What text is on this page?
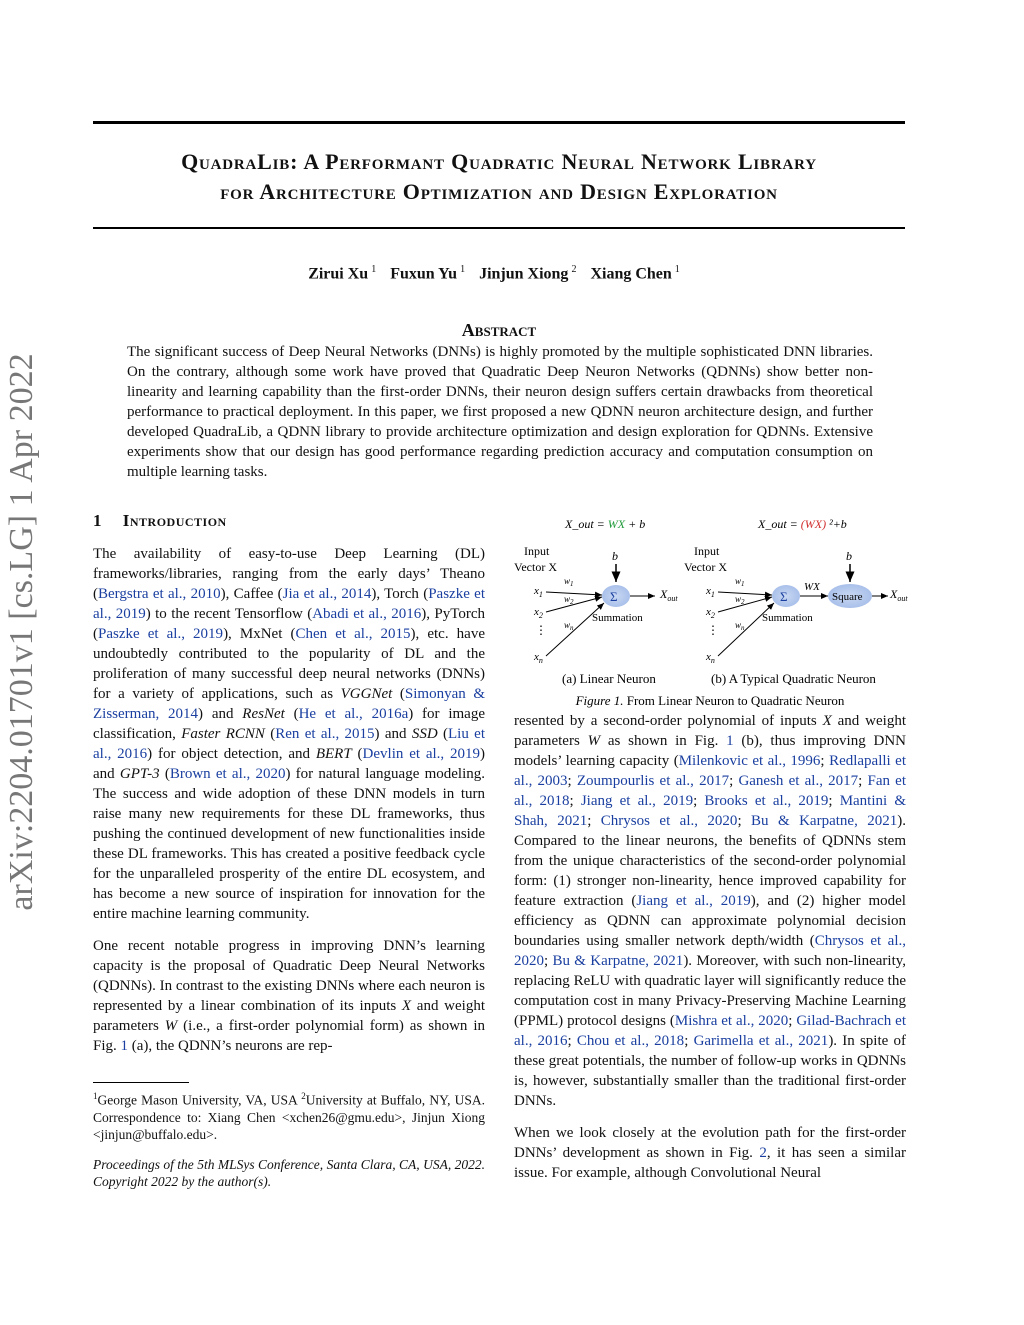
arXiv:2204.01701v1 [cs.LG] 1 Apr 2022
QuadraLib: A Performant Quadratic Neural Network Library
for Architecture Optimization and Design Exploration
Zirui Xu $^1$ Fuxun Yu $^1$ Jinjun Xiong $^2$ Xiang Chen $^1$
Abstract
The significant success of Deep Neural Networks (DNNs) is highly promoted by the multiple sophisticated DNN libraries. On the contrary, although some work have proved that Quadratic Deep Neuron Networks (QDNNs) show better non-linearity and learning capability than the first-order DNNs, their neuron design suffers certain drawbacks from theoretical performance to practical deployment. In this paper, we first proposed a new QDNN neuron architecture design, and further developed QuadraLib, a QDNN library to provide architecture optimization and design exploration for QDNNs. Extensive experiments show that our design has good performance regarding prediction accuracy and computation consumption on multiple learning tasks.
1 Introduction

The availability of easy-to-use Deep Learning (DL) frameworks/libraries, ranging from the early days’ Theano (Bergstra et al., 2010), Caffee (Jia et al., 2014), Torch (Paszke et al., 2019) to the recent Tensorflow (Abadi et al., 2016), PyTorch (Paszke et al., 2019), MxNet (Chen et al., 2015), etc. have undoubtedly contributed to the popularity of DL and the proliferation of many successful deep neural networks (DNNs) for a variety of applications, such as VGGNet (Simonyan & Zisserman, 2014) and ResNet (He et al., 2016a) for image classification, Faster RCNN (Ren et al., 2015) and SSD (Liu et al., 2016) for object detection, and BERT (Devlin et al., 2019) and GPT-3 (Brown et al., 2020) for natural language modeling. The success and wide adoption of these DNN models in turn raise many new requirements for these DL frameworks, thus pushing the continued development of new functionalities inside these DL frameworks. This has created a positive feedback cycle for the unparalleled prosperity of the entire DL ecosystem, and has become a new source of inspiration for innovation for the entire machine learning community.

One recent notable progress in improving DNN’s learning capacity is the proposal of Quadratic Deep Neural Networks (QDNNs). In contrast to the existing DNNs where each neuron is represented by a linear combination of its inputs X and weight parameters W (i.e., a first-order polynomial form) as shown in Fig. 1 (a), the QDNN’s neurons are rep-

$^1$George Mason University, VA, USA $^2$University at Buffalo, NY, USA. Correspondence to: Xiang Chen <xchen26@gmu.edu>, Jinjun Xiong <jinjun@buffalo.edu>.
Proceedings of the 5th MLSys Conference, Santa Clara, CA, USA, 2022. Copyright 2022 by the author(s).
X_out = WX + b	X_out = (WX) ²+b
Input
Vector X
$x_1$
$x_2$
⋮
$x_n$
$w_1$
$w_2$
$w_n$
Σ
Summation
b
$X_{out}$
Input
Vector X
$x_1$
$x_2$
⋮
$x_n$
$w_1$
$w_2$
$w_n$
Σ
Summation
WX
Square
b
$X_{out}$
(a) Linear Neuron	(b) A Typical Quadratic Neuron
Figure 1. From Linear Neuron to Quadratic Neuron

resented by a second-order polynomial of inputs X and weight parameters W as shown in Fig. 1 (b), thus improving DNN models’ learning capacity (Milenkovic et al., 1996; Redlapalli et al., 2003; Zoumpourlis et al., 2017; Ganesh et al., 2017; Fan et al., 2018; Jiang et al., 2019; Brooks et al., 2019; Mantini & Shah, 2021; Chrysos et al., 2020; Bu & Karpatne, 2021). Compared to the linear neurons, the benefits of QDNNs stem from the unique characteristics of the second-order polynomial form: (1) stronger non-linearity, hence improved capability for feature extraction (Jiang et al., 2019), and (2) higher model efficiency as QDNN can approximate polynomial decision boundaries using smaller network depth/width (Chrysos et al., 2020; Bu & Karpatne, 2021). Moreover, with such non-linearity, replacing ReLU with quadratic layer will significantly reduce the computation cost in many Privacy-Preserving Machine Learning (PPML) protocol designs (Mishra et al., 2020; Gilad-Bachrach et al., 2016; Chou et al., 2018; Garimella et al., 2021). In spite of these great potentials, the number of follow-up works in QDNNs is, however, substantially smaller than the traditional first-order DNNs.

When we look closely at the evolution path for the first-order DNNs’ development as shown in Fig. 2, it has seen a similar issue. For example, although Convolutional Neural
